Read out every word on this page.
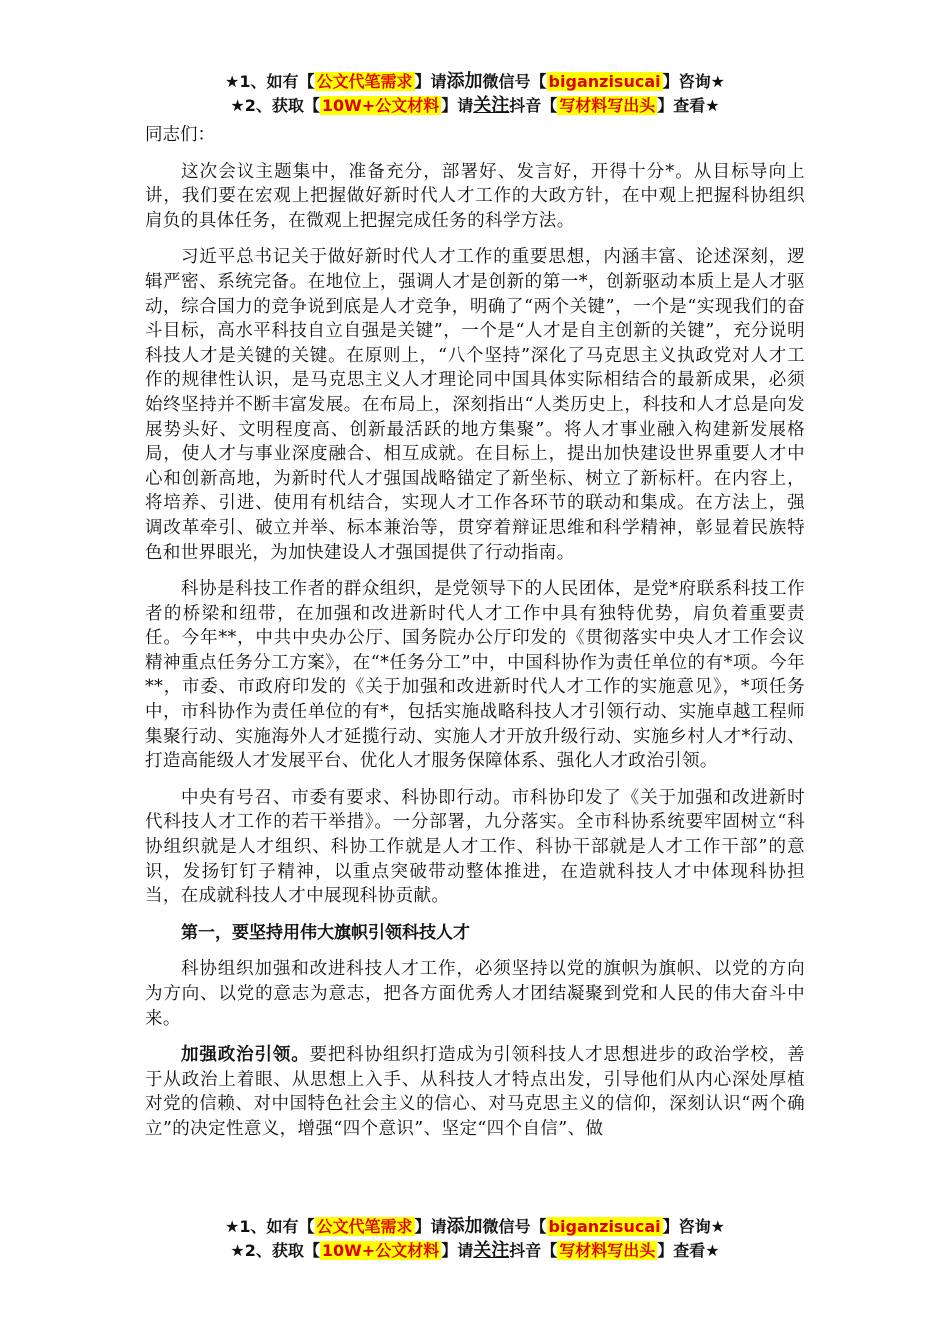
★1、如有【 公文代笔需求 】请添加微信号【 biganzisucai 】咨询★
★2、获取【 10W+公文材料 】请关注抖音【 写材料写出头 】查看★

同志们：

这次会议主题集中，准备充分，部署好、发言好，开得十分*。从目标导向上讲，我们要在宏观上把握做好新时代人才工作的大政方针，在中观上把握科协组织肩负的具体任务，在微观上把握完成任务的科学方法。

习近平总书记关于做好新时代人才工作的重要思想，内涵丰富、论述深刻，逻辑严密、系统完备。在地位上，强调人才是创新的第一*，创新驱动本质上是人才驱动，综合国力的竞争说到底是人才竞争，明确了“两个关键”，一个是“实现我们的奋斗目标，高水平科技自立自强是关键”，一个是“人才是自主创新的关键”，充分说明科技人才是关键的关键。在原则上，“八个坚持”深化了马克思主义执政党对人才工作的规律性认识，是马克思主义人才理论同中国具体实际相结合的最新成果，必须始终坚持并不断丰富发展。在布局上，深刻指出“人类历史上，科技和人才总是向发展势头好、文明程度高、创新最活跃的地方集聚”。将人才事业融入构建新发展格局，使人才与事业深度融合、相互成就。在目标上，提出加快建设世界重要人才中心和创新高地，为新时代人才强国战略锚定了新坐标、树立了新标杆。在内容上，将培养、引进、使用有机结合，实现人才工作各环节的联动和集成。在方法上，强调改革牵引、破立并举、标本兼治等，贯穿着辩证思维和科学精神，彰显着民族特色和世界眼光，为加快建设人才强国提供了行动指南。

科协是科技工作者的群众组织，是党领导下的人民团体，是党*府联系科技工作者的桥梁和纽带，在加强和改进新时代人才工作中具有独特优势，肩负着重要责任。今年**，中共中央办公厅、国务院办公厅印发的《贯彻落实中央人才工作会议精神重点任务分工方案》，在“*任务分工”中，中国科协作为责任单位的有*项。今年**，市委、市政府印发的《关于加强和改进新时代人才工作的实施意见》，*项任务中，市科协作为责任单位的有*，包括实施战略科技人才引领行动、实施卓越工程师集聚行动、实施海外人才延揽行动、实施人才开放升级行动、实施乡村人才*行动、打造高能级人才发展平台、优化人才服务保障体系、强化人才政治引领。

中央有号召、市委有要求、科协即行动。市科协印发了《关于加强和改进新时代科技人才工作的若干举措》。一分部署，九分落实。全市科协系统要牢固树立“科协组织就是人才组织、科协工作就是人才工作、科协干部就是人才工作干部”的意识，发扬钉钉子精神，以重点突破带动整体推进，在造就科技人才中体现科协担当，在成就科技人才中展现科协贡献。

第一，要坚持用伟大旗帜引领科技人才

科协组织加强和改进科技人才工作，必须坚持以党的旗帜为旗帜、以党的方向为方向、以党的意志为意志，把各方面优秀人才团结凝聚到党和人民的伟大奋斗中来。

加强政治引领。要把科协组织打造成为引领科技人才思想进步的政治学校，善于从政治上着眼、从思想上入手、从科技人才特点出发，引导他们从内心深处厚植对党的信赖、对中国特色社会主义的信心、对马克思主义的信仰，深刻认识“两个确立”的决定性意义，增强“四个意识”、坚定“四个自信”、做

★1、如有【 公文代笔需求 】请添加微信号【 biganzisucai 】咨询★
★2、获取【 10W+公文材料 】请关注抖音【 写材料写出头 】查看★
